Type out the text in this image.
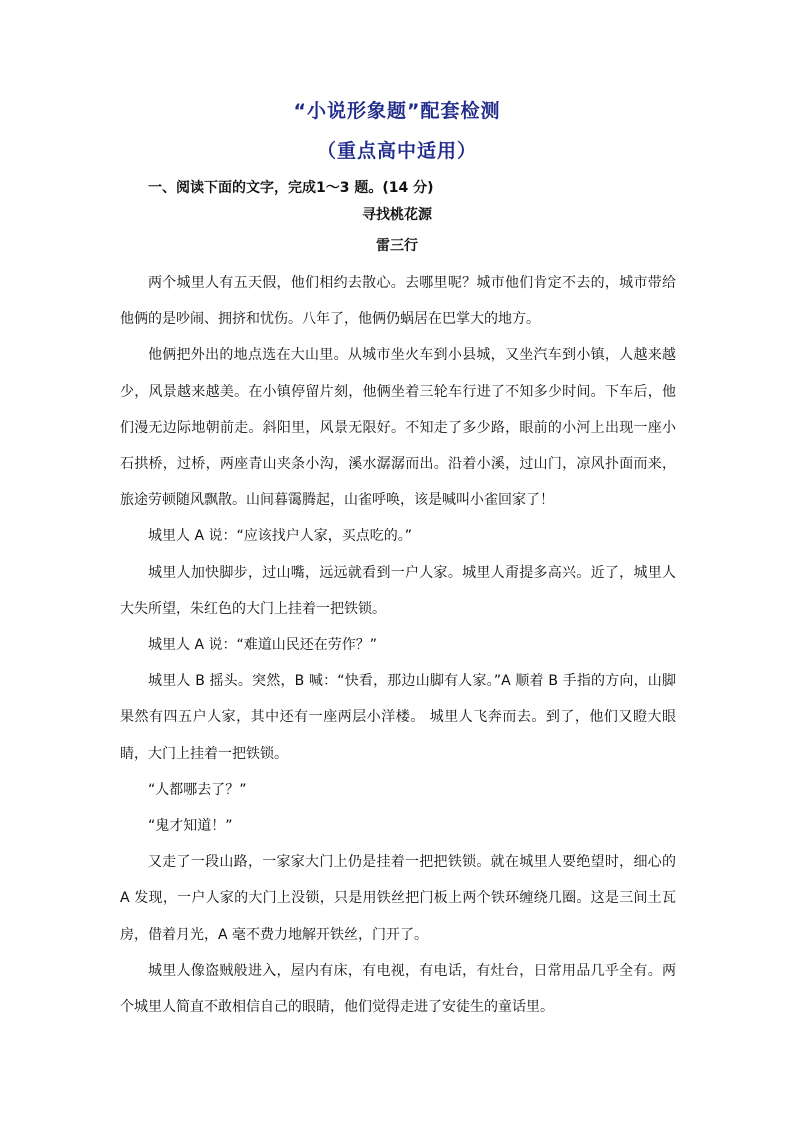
“小说形象题”配套检测
（重点高中适用）
一、阅读下面的文字，完成1～3 题。(14 分)
寻找桃花源
雷三行

两个城里人有五天假，他们相约去散心。去哪里呢？城市他们肯定不去的，城市带给他俩的是吵闹、拥挤和忧伤。八年了，他俩仍蜗居在巴掌大的地方。

他俩把外出的地点选在大山里。从城市坐火车到小县城，又坐汽车到小镇，人越来越少，风景越来越美。在小镇停留片刻，他俩坐着三轮车行进了不知多少时间。下车后，他们漫无边际地朝前走。斜阳里，风景无限好。不知走了多少路，眼前的小河上出现一座小石拱桥，过桥，两座青山夹条小沟，溪水潺潺而出。沿着小溪，过山门，凉风扑面而来，旅途劳顿随风飘散。山间暮霭腾起，山雀呼唤，该是喊叫小雀回家了！

城里人 A 说：“应该找户人家，买点吃的。”

城里人加快脚步，过山嘴，远远就看到一户人家。城里人甭提多高兴。近了，城里人大失所望，朱红色的大门上挂着一把铁锁。

城里人 A 说：“难道山民还在劳作？”

城里人 B 摇头。突然，B 喊：“快看，那边山脚有人家。”A 顺着 B 手指的方向，山脚果然有四五户人家，其中还有一座两层小洋楼。 城里人飞奔而去。到了，他们又瞪大眼睛，大门上挂着一把铁锁。

“人都哪去了？”

“鬼才知道！”

又走了一段山路，一家家大门上仍是挂着一把把铁锁。就在城里人要绝望时，细心的 A 发现，一户人家的大门上没锁，只是用铁丝把门板上两个铁环缠绕几圈。这是三间土瓦房，借着月光，A 毫不费力地解开铁丝，门开了。

城里人像盗贼般进入，屋内有床，有电视，有电话，有灶台，日常用品几乎全有。两个城里人简直不敢相信自己的眼睛，他们觉得走进了安徒生的童话里。
